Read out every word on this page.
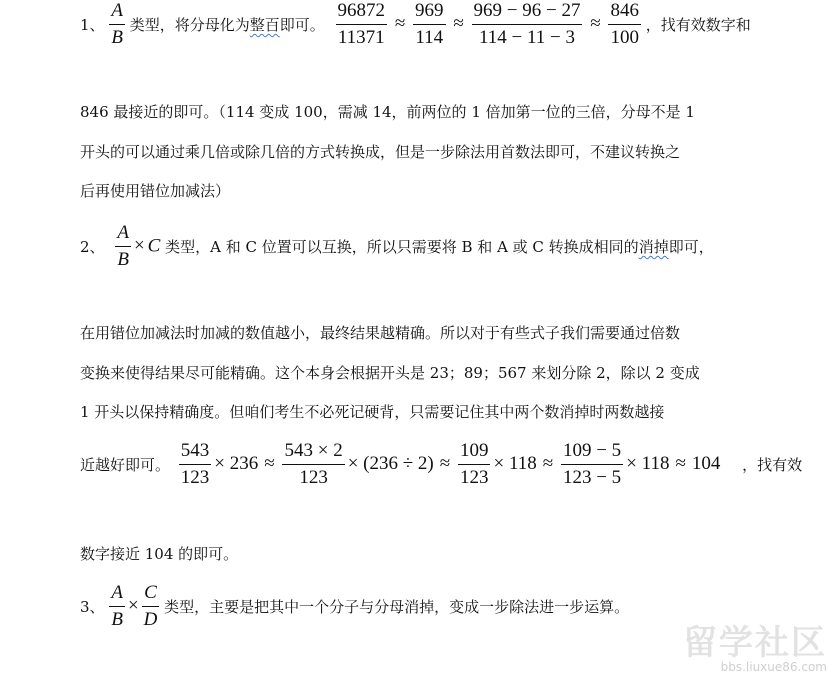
1、 $\frac{A}{B}$ 类型，将分母化为整百即可。 $\frac{96872}{11371} \approx \frac{969}{114} \approx \frac{969 - 96 - 27}{114 - 11 - 3} \approx \frac{846}{100}$ ，找有效数字和
846 最接近的即可。（114 变成 100，需减 14，前两位的 1 倍加第一位的三倍，分母不是 1
开头的可以通过乘几倍或除几倍的方式转换成，但是一步除法用首数法即可，不建议转换之
后再使用错位加减法）
2、 $\frac{A}{B} \times C$ 类型，A 和 C 位置可以互换，所以只需要将 B 和 A 或 C 转换成相同的消掉即可，
在用错位加减法时加减的数值越小，最终结果越精确。所以对于有些式子我们需要通过倍数
变换来使得结果尽可能精确。这个本身会根据开头是 23；89；567 来划分除 2，除以 2 变成
1 开头以保持精确度。但咱们考生不必死记硬背，只需要记住其中两个数消掉时两数越接
近越好即可。 $\frac{543}{123} \times 236 \approx \frac{543 \times 2}{123} \times (236 \div 2) \approx \frac{109}{123} \times 118 \approx \frac{109 - 5}{123 - 5} \times 118 \approx 104$ ，找有效
数字接近 104 的即可。
3、 $\frac{A}{B} \times \frac{C}{D}$ 类型，主要是把其中一个分子与分母消掉，变成一步除法进一步运算。
留学社区
bbs.liuxue86.com
